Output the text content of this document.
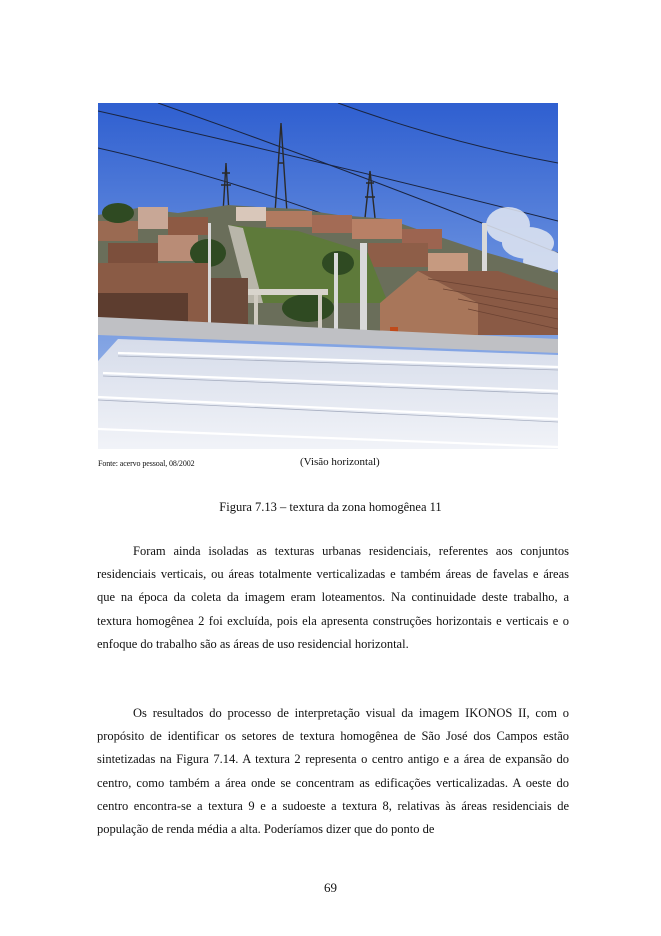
Fonte: acervo pessoal, 08/2002	(Visão horizontal)
Figura 7.13 – textura da zona homogênea 11

Foram ainda isoladas as texturas urbanas residenciais, referentes aos conjuntos residenciais verticais, ou áreas totalmente verticalizadas e também áreas de favelas e áreas que na época da coleta da imagem eram loteamentos. Na continuidade deste trabalho, a textura homogênea 2 foi excluída, pois ela apresenta construções horizontais e verticais e o enfoque do trabalho são as áreas de uso residencial horizontal.

Os resultados do processo de interpretação visual da imagem IKONOS II, com o propósito de identificar os setores de textura homogênea de São José dos Campos estão sintetizadas na Figura 7.14. A textura 2 representa o centro antigo e a área de expansão do centro, como também a área onde se concentram as edificações verticalizadas. A oeste do centro encontra-se a textura 9 e a sudoeste a textura 8, relativas às áreas residenciais de população de renda média a alta. Poderíamos dizer que do ponto de

69
